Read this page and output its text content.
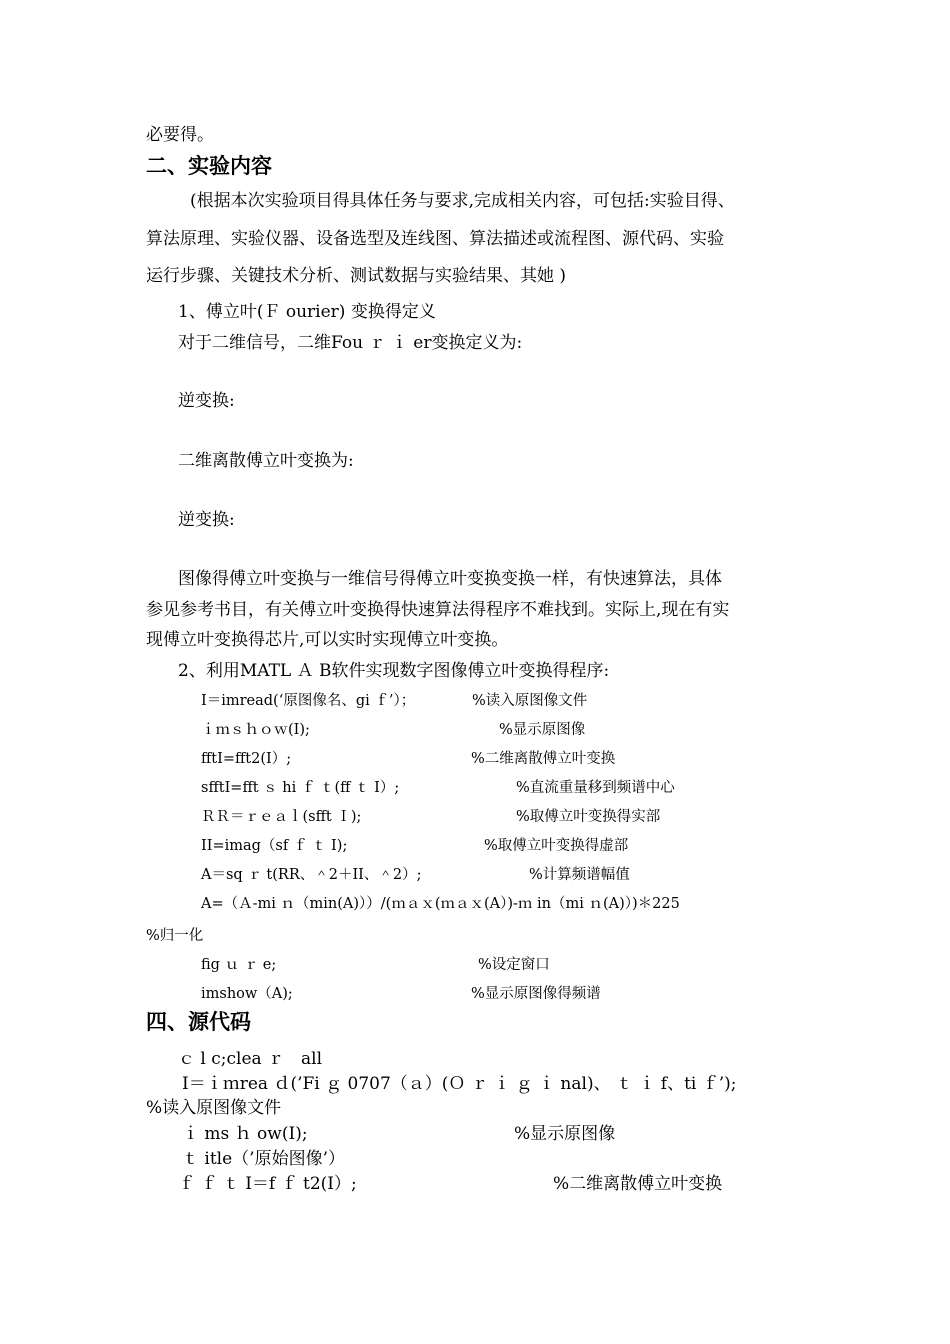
必要得。
二、实验内容
(根据本次实验项目得具体任务与要求,完成相关内容，可包括:实验目得、
算法原理、实验仪器、设备选型及连线图、算法描述或流程图、源代码、实验
运行步骤、关键技术分析、测试数据与实验结果、其她 )
1、傅立叶(Ｆ ourier) 变换得定义
对于二维信号，二维Fou ｒ ｉ er变换定义为:
逆变换:
二维离散傅立叶变换为:
逆变换:
图像得傅立叶变换与一维信号得傅立叶变换变换一样，有快速算法，具体
参见参考书目，有关傅立叶变换得快速算法得程序不难找到。实际上,现在有实
现傅立叶变换得芯片,可以实时实现傅立叶变换。
2、利用MATL Ａ B软件实现数字图像傅立叶变换得程序:
I＝imread(‘原图像名、gi ｆ’）；	%读入原图像文件
ｉｍｓｈｏｗ(I);	%显示原图像
fftI=fft2(I）;	%二维离散傅立叶变换
sfftI=fft ｓ hi ｆ ｔ(ff ｔ I）;	%直流重量移到频谱中心
ＲＲ＝ｒｅａｌ(sfft Ｉ);	%取傅立叶变换得实部
II=imag（sf ｆ ｔ I);	%取傅立叶变换得虚部
A＝sq ｒ t(RR、＾2＋II、＾2）;	%计算频谱幅值
A=（Ａ-mi ｎ（min(A)））/(ｍａｘ(ｍａｘ(A）)-ｍ in（mi ｎ(A)）)＊225
%归一化
fig ｕ ｒ e;	%设定窗口
imshow（A);	%显示原图像得频谱
四、源代码
ｃ l c;clea ｒ　all
I＝ｉｍrea ｄ(’Fi ｇ 0707（ａ）(Ｏ ｒ ｉ ｇ ｉ nal)、 ｔ ｉ f、ti ｆ’);
%读入原图像文件
ｉ ms ｈ ow(I);	%显示原图像
ｔ itle（’原始图像’）
ｆ ｆ ｔ I＝f ｆ t2(I）;	%二维离散傅立叶变换
